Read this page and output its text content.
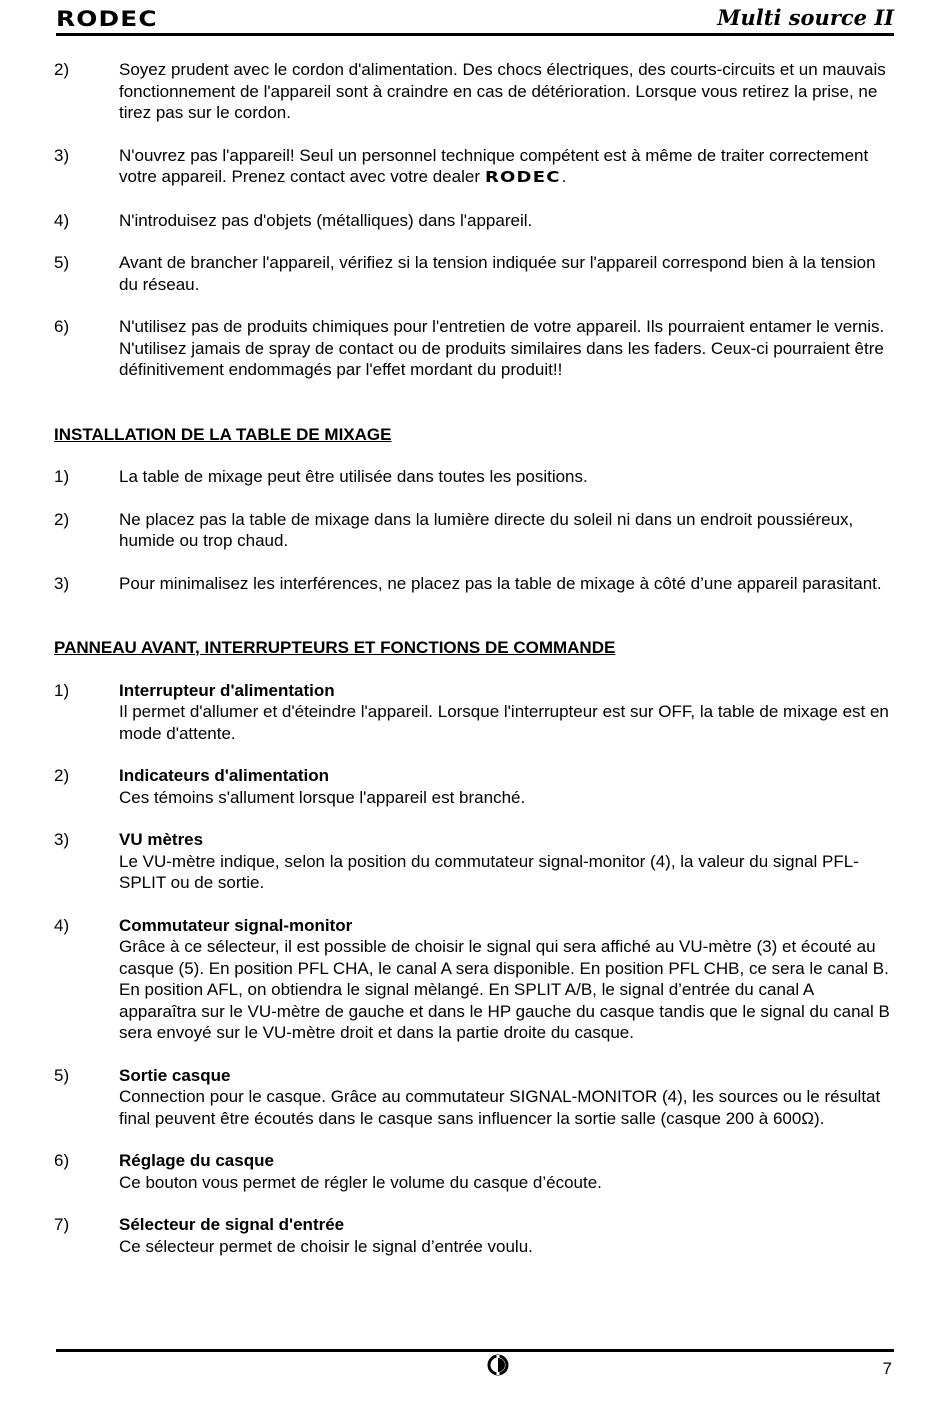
RODEC	Multi source II
2)	Soyez prudent avec le cordon d'alimentation. Des chocs électriques, des courts-circuits et un mauvais fonctionnement de l'appareil sont à craindre en cas de détérioration. Lorsque vous retirez la prise, ne tirez pas sur le cordon.
3)	N'ouvrez pas l'appareil! Seul un personnel technique compétent est à même de traiter correctement votre appareil. Prenez contact avec votre dealer RODEC.
4)	N'introduisez pas d'objets (métalliques) dans l'appareil.
5)	Avant de brancher l'appareil, vérifiez si la tension indiquée sur l'appareil correspond bien à la tension du réseau.
6)	N'utilisez pas de produits chimiques pour l'entretien de votre appareil. Ils pourraient entamer le vernis. N'utilisez jamais de spray de contact ou de produits similaires dans les faders. Ceux-ci pourraient être définitivement endommagés par l'effet mordant du produit!!
INSTALLATION DE LA TABLE DE MIXAGE
1)	La table de mixage peut être utilisée dans toutes les positions.
2)	Ne placez pas la table de mixage dans la lumière directe du soleil ni dans un endroit poussiéreux, humide ou trop chaud.
3)	Pour minimalisez les interférences, ne placez pas la table de mixage à côté d’une appareil parasitant.
PANNEAU AVANT, INTERRUPTEURS ET FONCTIONS DE COMMANDE
1)	Interrupteur d'alimentation
Il permet d'allumer et d'éteindre l'appareil. Lorsque l'interrupteur est sur OFF, la table de mixage est en mode d'attente.
2)	Indicateurs d'alimentation
Ces témoins s'allument lorsque l'appareil est branché.
3)	VU mètres
Le VU-mètre indique, selon la position du commutateur signal-monitor (4), la valeur du signal PFL-SPLIT ou de sortie.
4)	Commutateur signal-monitor
Grâce à ce sélecteur, il est possible de choisir le signal qui sera affiché au VU-mètre (3) et écouté au casque (5). En position PFL CHA, le canal A sera disponible. En position PFL CHB, ce sera le canal B. En position AFL, on obtiendra le signal mèlangé. En SPLIT A/B, le signal d’entrée du canal A apparaîtra sur le VU-mètre de gauche et dans le HP gauche du casque tandis que le signal du canal B sera envoyé sur le VU-mètre droit et dans la partie droite du casque.
5)	Sortie casque
Connection pour le casque. Grâce au commutateur SIGNAL-MONITOR (4), les sources ou le résultat final peuvent être écoutés dans le casque sans influencer la sortie salle (casque 200 à 600Ω).
6)	Réglage du casque
Ce bouton vous permet de régler le volume du casque d’écoute.
7)	Sélecteur de signal d'entrée
Ce sélecteur permet de choisir le signal d’entrée voulu.
7
